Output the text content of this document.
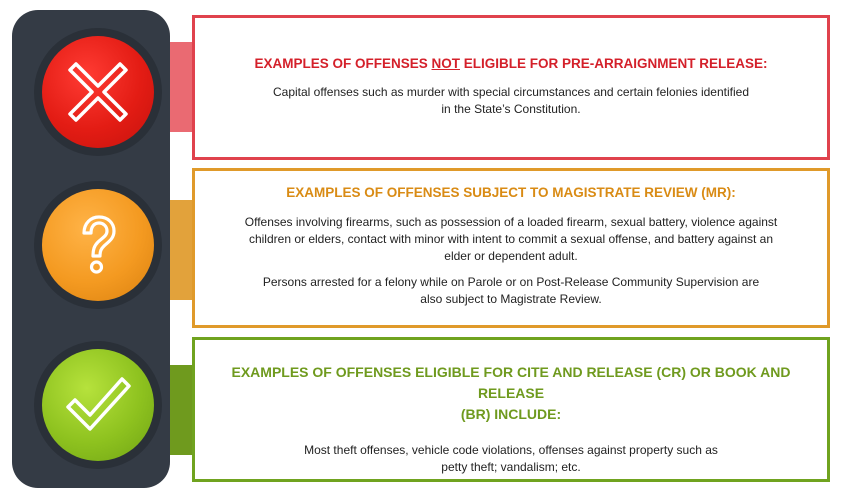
EXAMPLES OF OFFENSES NOT ELIGIBLE FOR PRE-ARRAIGNMENT RELEASE:

Capital offenses such as murder with special circumstances and certain felonies identified

in the State’s Constitution.

EXAMPLES OF OFFENSES SUBJECT TO MAGISTRATE REVIEW (MR):

Offenses involving firearms, such as possession of a loaded firearm, sexual battery, violence against

children or elders, contact with minor with intent to commit a sexual offense, and battery against an

elder or dependent adult.

Persons arrested for a felony while on Parole or on Post-Release Community Supervision are

also subject to Magistrate Review.

EXAMPLES OF OFFENSES ELIGIBLE FOR CITE AND RELEASE (CR) OR BOOK AND RELEASE
(BR) INCLUDE:

Most theft offenses, vehicle code violations, offenses against property such as

petty theft; vandalism; etc.
